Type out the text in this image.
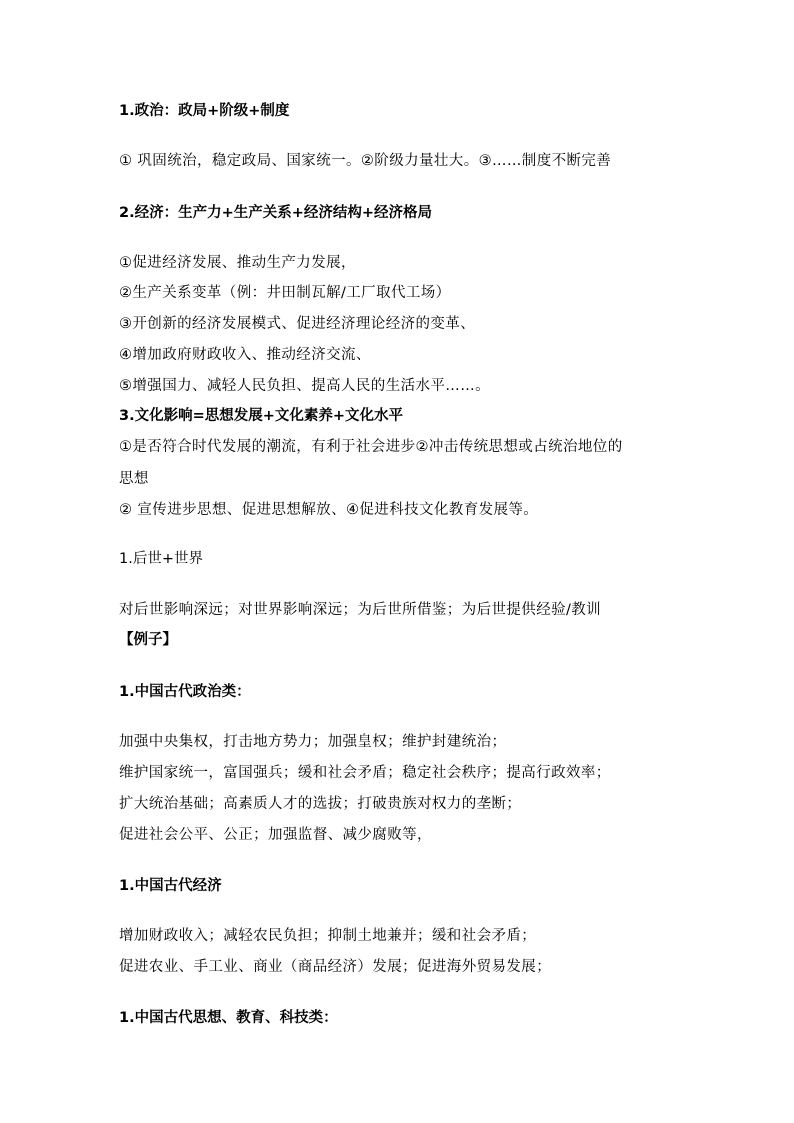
1.政治：政局+阶级+制度
① 巩固统治，稳定政局、国家统一。②阶级力量壮大。③……制度不断完善
2.经济：生产力+生产关系+经济结构+经济格局
①促进经济发展、推动生产力发展，
②生产关系变革（例：井田制瓦解/工厂取代工场）
③开创新的经济发展模式、促进经济理论经济的变革、
④增加政府财政收入、推动经济交流、
⑤增强国力、减轻人民负担、提高人民的生活水平……。
3.文化影响=思想发展+文化素养+文化水平
①是否符合时代发展的潮流，有利于社会进步②冲击传统思想或占统治地位的
思想
② 宣传进步思想、促进思想解放、④促进科技文化教育发展等。
1.后世+世界
对后世影响深远；对世界影响深远；为后世所借鉴；为后世提供经验/教训
【例子】
1.中国古代政治类：
加强中央集权，打击地方势力；加强皇权；维护封建统治；
维护国家统一，富国强兵；缓和社会矛盾；稳定社会秩序；提高行政效率；
扩大统治基础；高素质人才的选拔；打破贵族对权力的垄断；
促进社会公平、公正；加强监督、减少腐败等，
1.中国古代经济
增加财政收入；减轻农民负担；抑制土地兼并；缓和社会矛盾；
促进农业、手工业、商业（商品经济）发展；促进海外贸易发展；
1.中国古代思想、教育、科技类：
